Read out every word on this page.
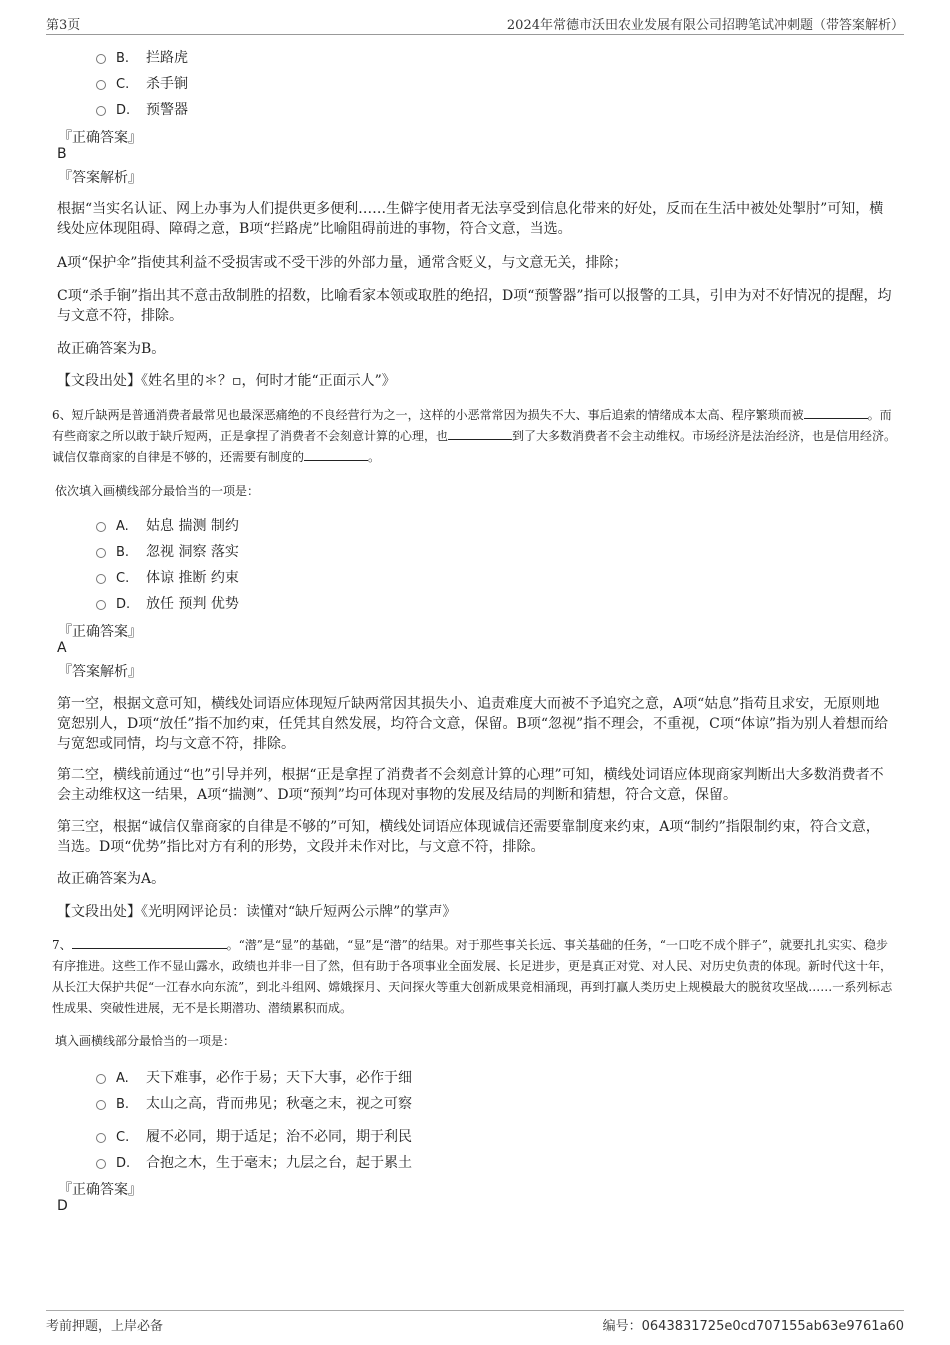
第3页	2024年常德市沃田农业发展有限公司招聘笔试冲刺题（带答案解析）
B. 拦路虎
C. 杀手锏
D. 预警器
『正确答案』
B
『答案解析』

根据“当实名认证、网上办事为人们提供更多便利……生僻字使用者无法享受到信息化带来的好处，反而在生活中被处处掣肘”可知，横线处应体现阻碍、障碍之意，B项“拦路虎”比喻阻碍前进的事物，符合文意，当选。

A项“保护伞”指使其利益不受损害或不受干涉的外部力量，通常含贬义，与文意无关，排除；

C项“杀手锏”指出其不意击敌制胜的招数，比喻看家本领或取胜的绝招，D项“预警器”指可以报警的工具，引申为对不好情况的提醒，均与文意不符，排除。

故正确答案为B。

【文段出处】《姓名里的＊？▫，何时才能“正面示人”》

6、短斤缺两是普通消费者最常见也最深恶痛绝的不良经营行为之一，这样的小恶常常因为损失不大、事后追索的情绪成本太高、程序繁琐而被	。而有些商家之所以敢于缺斤短两，正是拿捏了消费者不会刻意计算的心理，也	到了大多数消费者不会主动维权。市场经济是法治经济，也是信用经济。诚信仅靠商家的自律是不够的，还需要有制度的	。

依次填入画横线部分最恰当的一项是：
A. 姑息 揣测 制约
B. 忽视 洞察 落实
C. 体谅 推断 约束
D. 放任 预判 优势
『正确答案』
A
『答案解析』

第一空，根据文意可知，横线处词语应体现短斤缺两常因其损失小、追责难度大而被不予追究之意，A项“姑息”指苟且求安，无原则地宽恕别人，D项“放任”指不加约束，任凭其自然发展，均符合文意，保留。B项“忽视”指不理会，不重视，C项“体谅”指为别人着想而给与宽恕或同情，均与文意不符，排除。

第二空，横线前通过“也”引导并列，根据“正是拿捏了消费者不会刻意计算的心理”可知，横线处词语应体现商家判断出大多数消费者不会主动维权这一结果，A项“揣测”、D项“预判”均可体现对事物的发展及结局的判断和猜想，符合文意，保留。

第三空，根据“诚信仅靠商家的自律是不够的”可知，横线处词语应体现诚信还需要靠制度来约束，A项“制约”指限制约束，符合文意，当选。D项“优势”指比对方有利的形势，文段并未作对比，与文意不符，排除。

故正确答案为A。

【文段出处】《光明网评论员：读懂对“缺斤短两公示牌”的掌声》

7、	。“潜”是“显”的基础，“显”是“潜”的结果。对于那些事关长远、事关基础的任务，“一口吃不成个胖子”，就要扎扎实实、稳步有序推进。这些工作不显山露水，政绩也并非一目了然，但有助于各项事业全面发展、长足进步，更是真正对党、对人民、对历史负责的体现。新时代这十年，从长江大保护共促“一江春水向东流”，到北斗组网、嫦娥探月、天问探火等重大创新成果竞相涌现，再到打赢人类历史上规模最大的脱贫攻坚战……一系列标志性成果、突破性进展，无不是长期潜功、潜绩累积而成。

填入画横线部分最恰当的一项是：
A. 天下难事，必作于易；天下大事，必作于细
B. 太山之高，背而弗见；秋毫之末，视之可察
C. 履不必同，期于适足；治不必同，期于利民
D. 合抱之木，生于毫末；九层之台，起于累土
『正确答案』
D
考前押题，上岸必备	编号：0643831725e0cd707155ab63e9761a60
